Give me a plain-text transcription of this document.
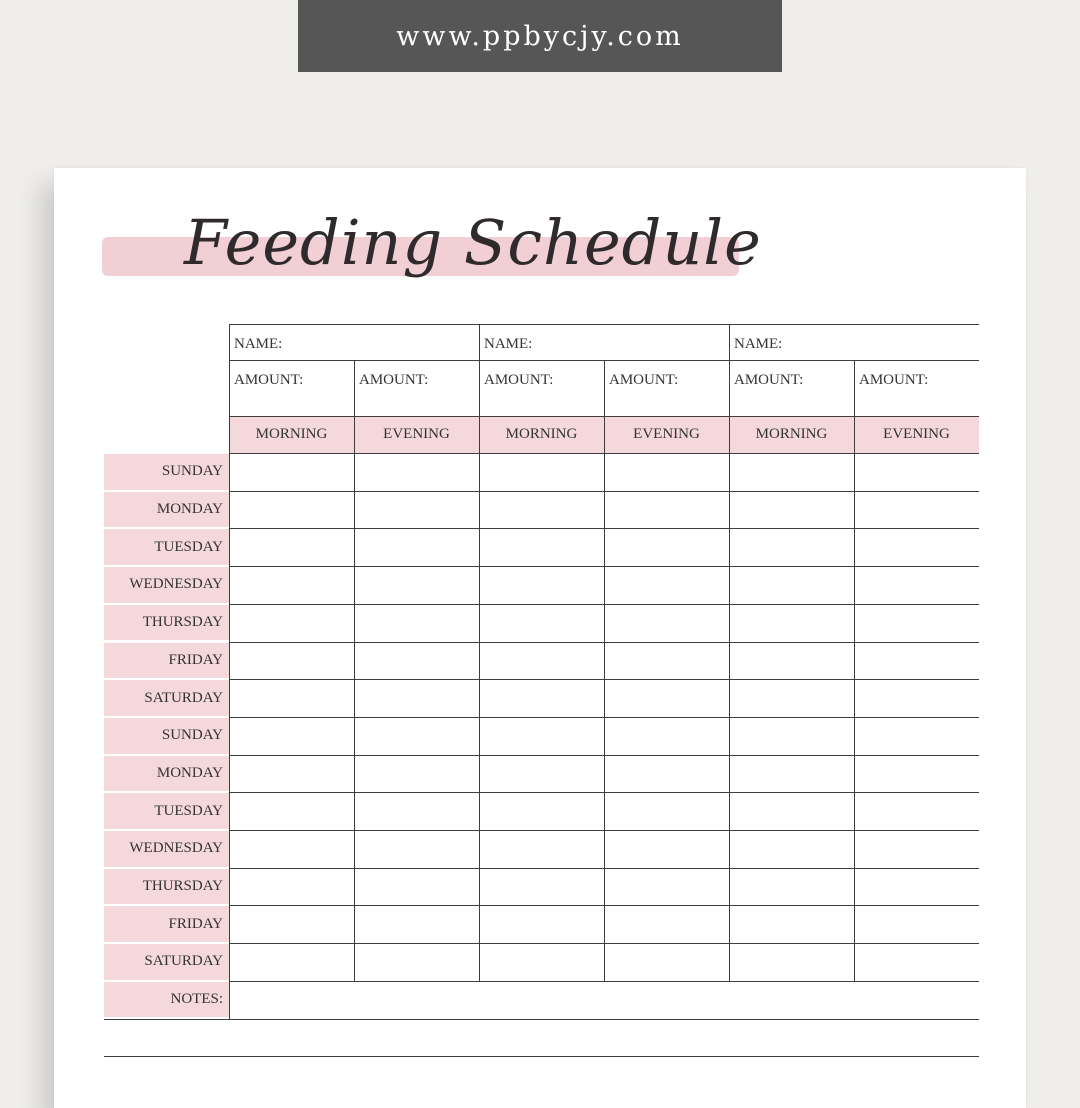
www.ppbycjy.com
Feeding Schedule
NAME:	NAME:	NAME:
AMOUNT:	AMOUNT:	AMOUNT:	AMOUNT:	AMOUNT:	AMOUNT:
MORNING	EVENING	MORNING	EVENING	MORNING	EVENING
SUNDAY
MONDAY
TUESDAY
WEDNESDAY
THURSDAY
FRIDAY
SATURDAY
SUNDAY
MONDAY
TUESDAY
WEDNESDAY
THURSDAY
FRIDAY
SATURDAY
NOTES:
